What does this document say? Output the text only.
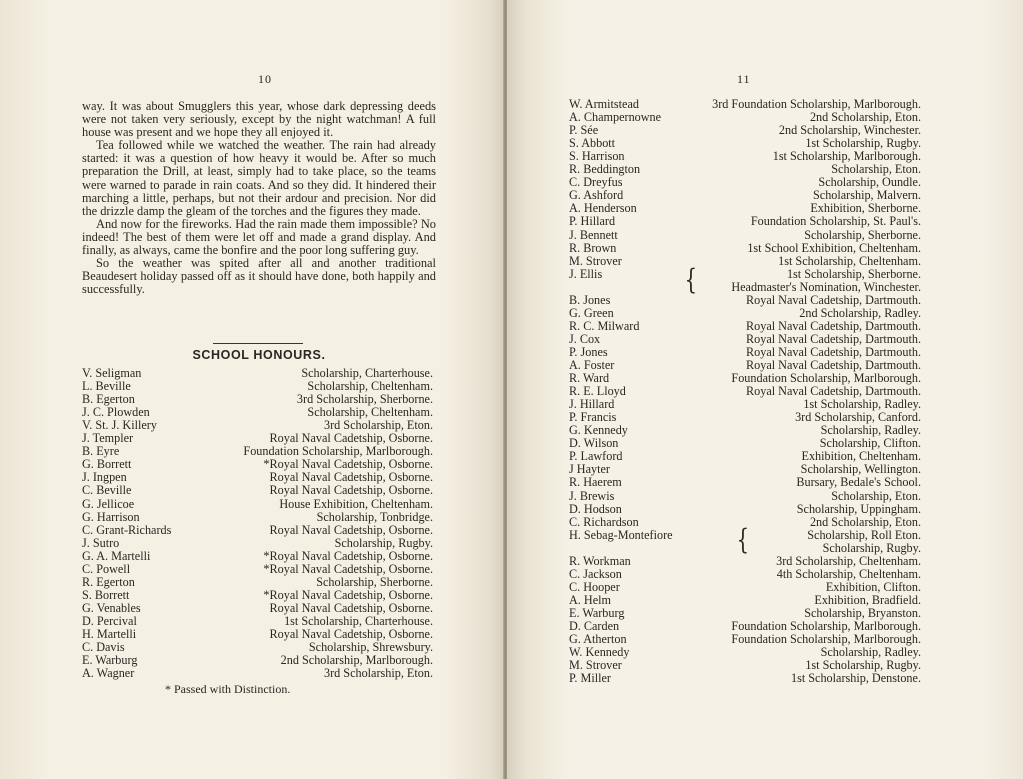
10

way. It was about Smugglers this year, whose dark depressing deeds were not taken very seriously, except by the night watchman! A full house was present and we hope they all enjoyed it.

Tea followed while we watched the weather. The rain had already started: it was a question of how heavy it would be. After so much preparation the Drill, at least, simply had to take place, so the teams were warned to parade in rain coats. And so they did. It hindered their marching a little, perhaps, but not their ardour and precision. Nor did the drizzle damp the gleam of the torches and the figures they made.

And now for the fireworks. Had the rain made them impossible? No indeed! The best of them were let off and made a grand display. And finally, as always, came the bonfire and the poor long suffering guy.

So the weather was spited after all and another traditional Beaudesert holiday passed off as it should have done, both happily and successfully.

SCHOOL HONOURS.
V. Seligman	Scholarship, Charterhouse.
L. Beville	Scholarship, Cheltenham.
B. Egerton	3rd Scholarship, Sherborne.
J. C. Plowden	Scholarship, Cheltenham.
V. St. J. Killery	3rd Scholarship, Eton.
J. Templer	Royal Naval Cadetship, Osborne.
B. Eyre	Foundation Scholarship, Marlborough.
G. Borrett	*Royal Naval Cadetship, Osborne.
J. Ingpen	Royal Naval Cadetship, Osborne.
C. Beville	Royal Naval Cadetship, Osborne.
G. Jellicoe	House Exhibition, Cheltenham.
G. Harrison	Scholarship, Tonbridge.
C. Grant-Richards	Royal Naval Cadetship, Osborne.
J. Sutro	Scholarship, Rugby.
G. A. Martelli	*Royal Naval Cadetship, Osborne.
C. Powell	*Royal Naval Cadetship, Osborne.
R. Egerton	Scholarship, Sherborne.
S. Borrett	*Royal Naval Cadetship, Osborne.
G. Venables	Royal Naval Cadetship, Osborne.
D. Percival	1st Scholarship, Charterhouse.
H. Martelli	Royal Naval Cadetship, Osborne.
C. Davis	Scholarship, Shrewsbury.
E. Warburg	2nd Scholarship, Marlborough.
A. Wagner	3rd Scholarship, Eton.
* Passed with Distinction.
11
W. Armitstead	3rd Foundation Scholarship, Marlborough.
A. Champernowne	2nd Scholarship, Eton.
P. Sée	2nd Scholarship, Winchester.
S. Abbott	1st Scholarship, Rugby.
S. Harrison	1st Scholarship, Marlborough.
R. Beddington	Scholarship, Eton.
C. Dreyfus	Scholarship, Oundle.
G. Ashford	Scholarship, Malvern.
A. Henderson	Exhibition, Sherborne.
P. Hillard	Foundation Scholarship, St. Paul's.
J. Bennett	Scholarship, Sherborne.
R. Brown	1st School Exhibition, Cheltenham.
M. Strover	1st Scholarship, Cheltenham.
J. Ellis	1st Scholarship, Sherborne.
Headmaster's Nomination, Winchester.
B. Jones	Royal Naval Cadetship, Dartmouth.
G. Green	2nd Scholarship, Radley.
R. C. Milward	Royal Naval Cadetship, Dartmouth.
J. Cox	Royal Naval Cadetship, Dartmouth.
P. Jones	Royal Naval Cadetship, Dartmouth.
A. Foster	Royal Naval Cadetship, Dartmouth.
R. Ward	Foundation Scholarship, Marlborough.
R. E. Lloyd	Royal Naval Cadetship, Dartmouth.
J. Hillard	1st Scholarship, Radley.
P. Francis	3rd Scholarship, Canford.
G. Kennedy	Scholarship, Radley.
D. Wilson	Scholarship, Clifton.
P. Lawford	Exhibition, Cheltenham.
J Hayter	Scholarship, Wellington.
R. Haerem	Bursary, Bedale's School.
J. Brewis	Scholarship, Eton.
D. Hodson	Scholarship, Uppingham.
C. Richardson	2nd Scholarship, Eton.
H. Sebag-Montefiore	Scholarship, Roll Eton.
Scholarship, Rugby.
R. Workman	3rd Scholarship, Cheltenham.
C. Jackson	4th Scholarship, Cheltenham.
C. Hooper	Exhibition, Clifton.
A. Helm	Exhibition, Bradfield.
E. Warburg	Scholarship, Bryanston.
D. Carden	Foundation Scholarship, Marlborough.
G. Atherton	Foundation Scholarship, Marlborough.
W. Kennedy	Scholarship, Radley.
M. Strover	1st Scholarship, Rugby.
P. Miller	1st Scholarship, Denstone.
{
{
